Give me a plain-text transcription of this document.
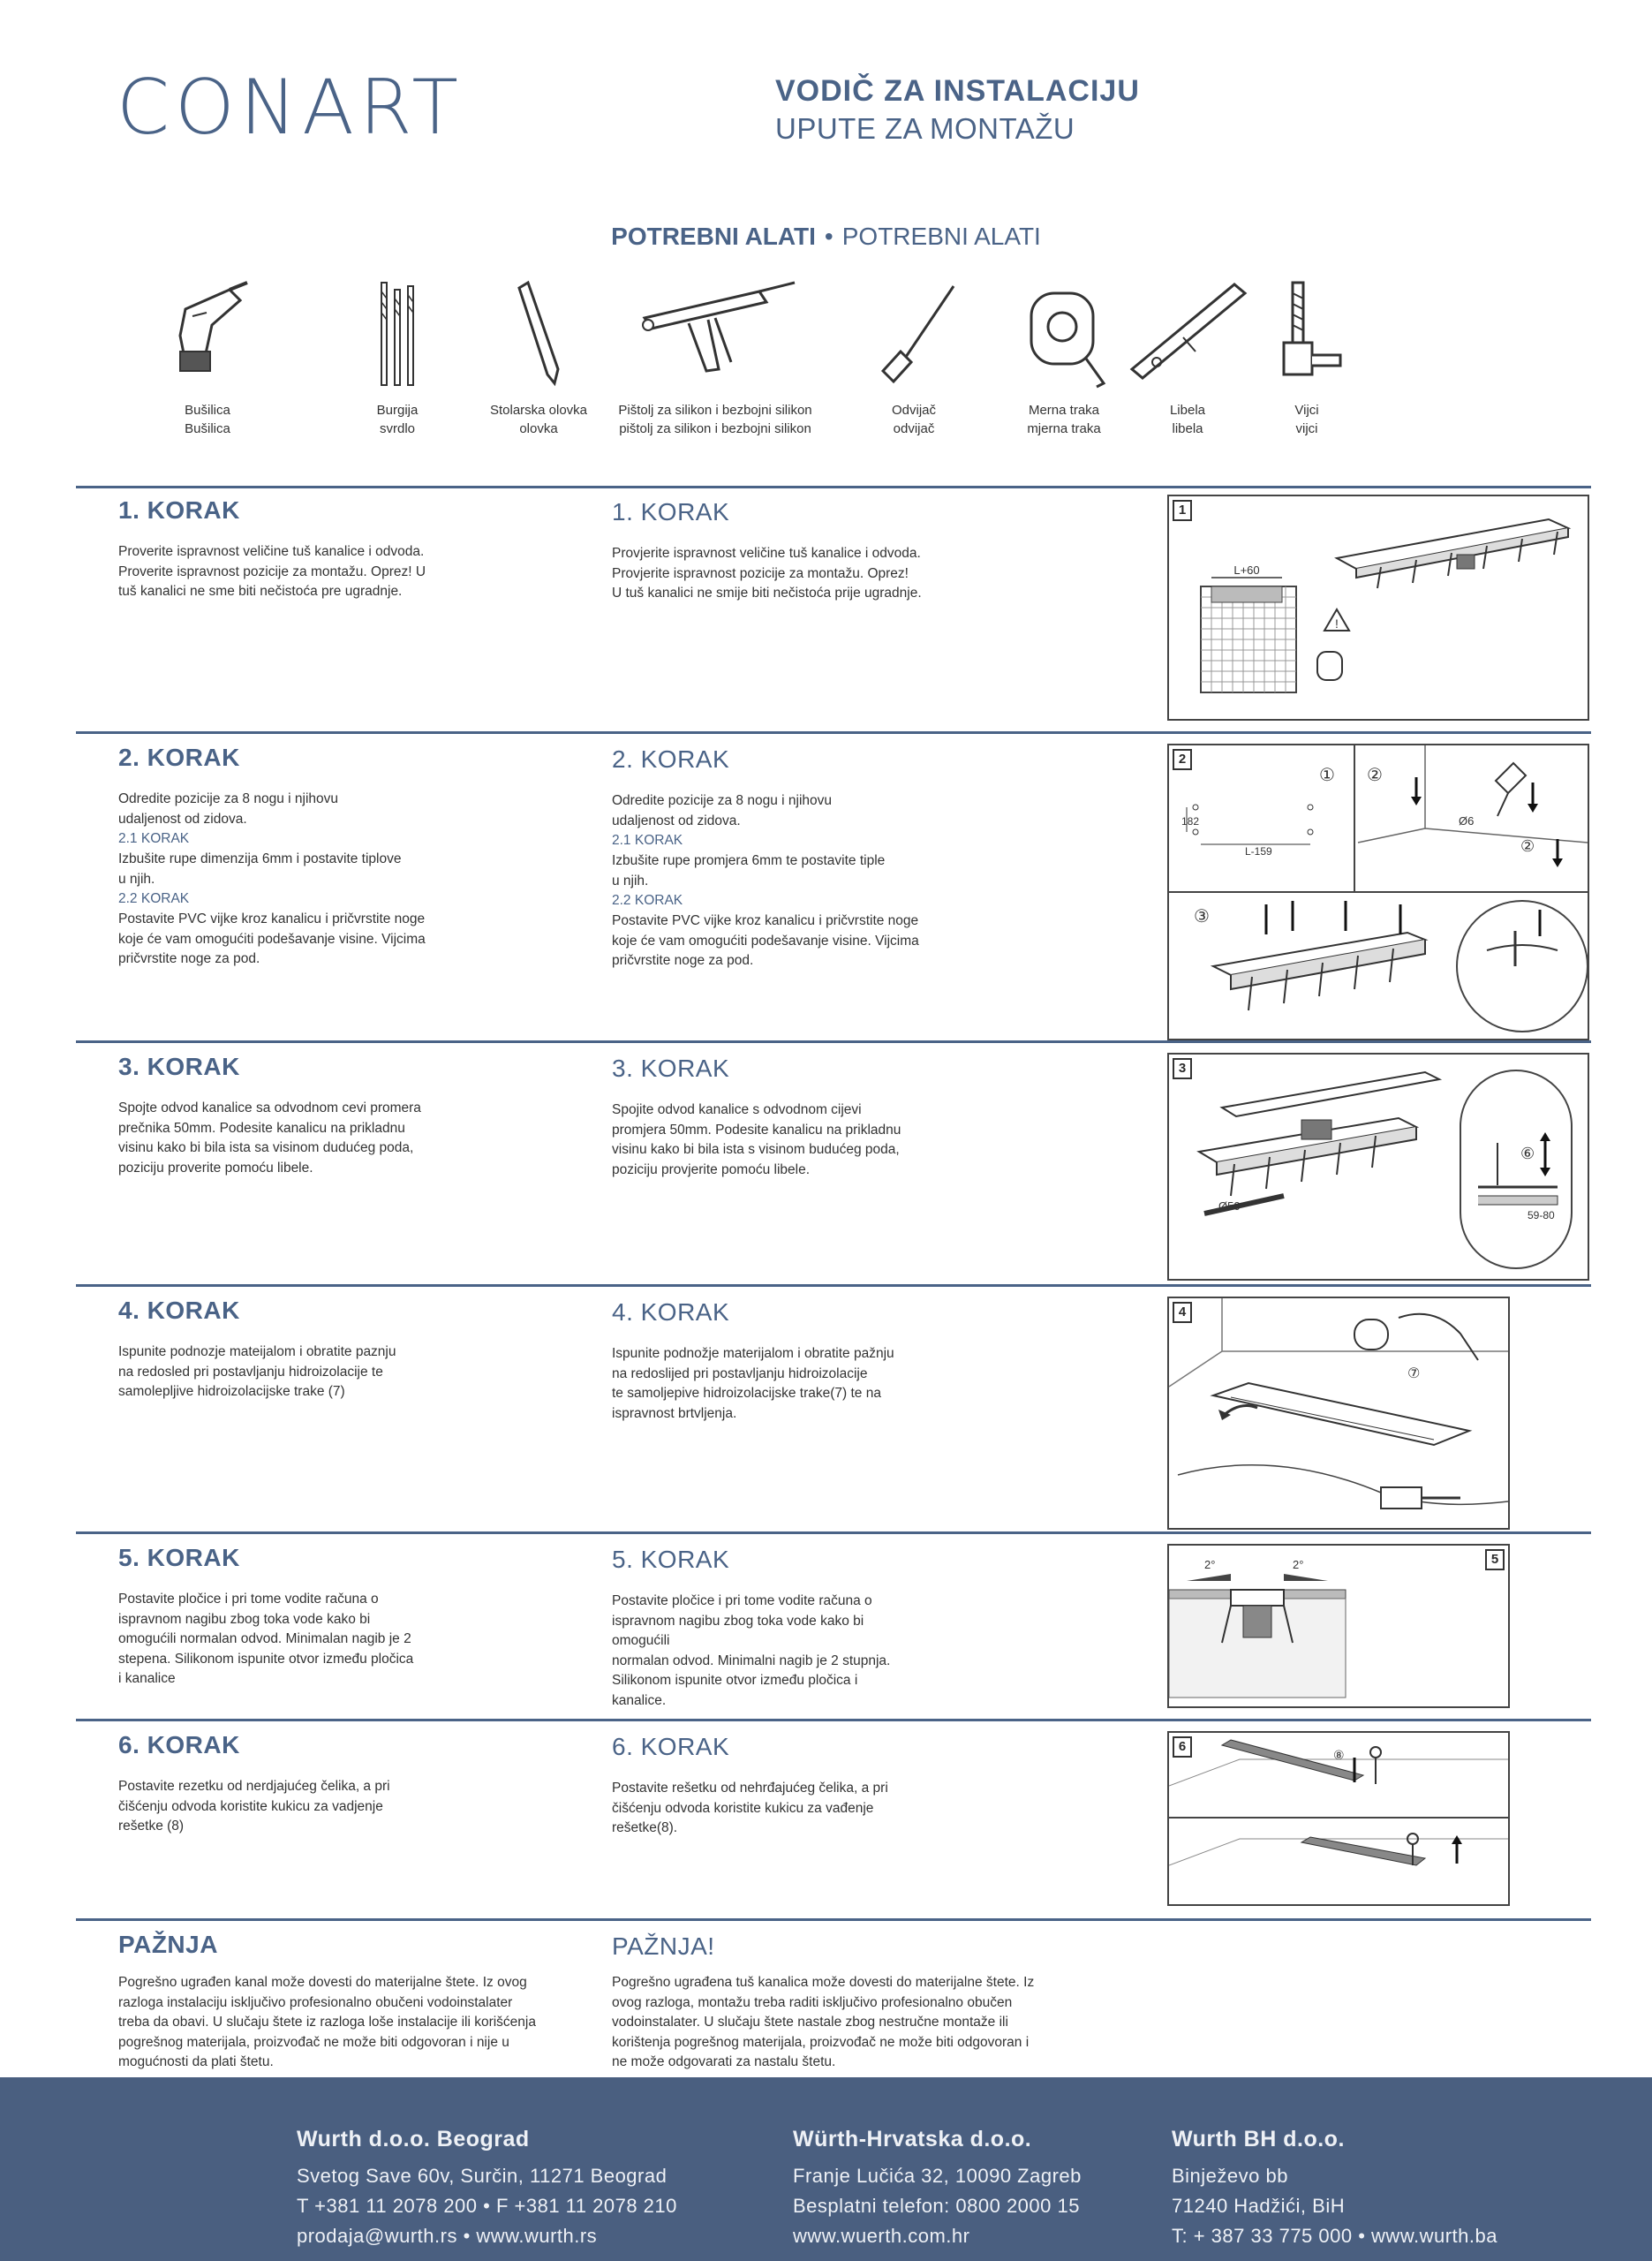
CONART	VODIČ ZA INSTALACIJU
UPUTE ZA MONTAŽU
POTREBNI ALATI • POTREBNI ALATI
Bušilica
Bušilica
Burgija
svrdlo
Stolarska olovka
olovka
Pištolj za silikon i bezbojni silikon
pištolj za silikon i bezbojni silikon
Odvijač
odvijač
Merna traka
mjerna traka
Libela
libela
Vijci
vijci
1. KORAK

Proverite ispravnost veličine tuš kanalice i odvoda.
Proverite ispravnost pozicije za montažu. Oprez! U
tuš kanalici ne sme biti nečistoća pre ugradnje.

1. KORAK

Provjerite ispravnost veličine tuš kanalice i odvoda.
Provjerite ispravnost pozicije za montažu. Oprez!
U tuš kanalici ne smije biti nečistoća prije ugradnje.

1
L+60
!
2. KORAK

Odredite pozicije za 8 nogu i njihovu
udaljenost od zidova.

2.1 KORAK

Izbušite rupe dimenzija 6mm i postavite tiplove
u njih.

2.2 KORAK

Postavite PVC vijke kroz kanalicu i pričvrstite noge
koje će vam omogućiti podešavanje visine. Vijcima
pričvrstite noge za pod.

2. KORAK

Odredite pozicije za 8 nogu i njihovu
udaljenost od zidova.

2.1 KORAK

Izbušite rupe promjera 6mm te postavite tiple
u njih.

2.2 KORAK

Postavite PVC vijke kroz kanalicu i pričvrstite noge
koje će vam omogućiti podešavanje visine. Vijcima
pričvrstite noge za pod.

2
①
182
L-159
②
Ø6
②
③
3. KORAK

Spojte odvod kanalice sa odvodnom cevi promera
prečnika 50mm. Podesite kanalicu na prikladnu
visinu kako bi bila ista sa visinom dudućeg poda,
poziciju proverite pomoću libele.

3. KORAK

Spojite odvod kanalice s odvodnom cijevi
promjera 50mm. Podesite kanalicu na prikladnu
visinu kako bi bila ista s visinom budućeg poda,
poziciju provjerite pomoću libele.

3
Ø50
⑥
59-80
4. KORAK

Ispunite podnozje mateijalom i obratite paznju
na redosled pri postavljanju hidroizolacije te
samolepljive hidroizolacijske trake (7)

4. KORAK

Ispunite podnožje materijalom i obratite pažnju
na redoslijed pri postavljanju hidroizolacije
te samoljepive hidroizolacijske trake(7) te na
ispravnost brtvljenja.

4
⑦
5. KORAK

Postavite pločice i pri tome vodite računa o
ispravnom nagibu zbog toka vode kako bi
omogućili normalan odvod. Minimalan nagib je 2
stepena. Silikonom ispunite otvor između pločica
i kanalice

5. KORAK

Postavite pločice i pri tome vodite računa o
ispravnom nagibu zbog toka vode kako bi
omogućili
normalan odvod. Minimalni nagib je 2 stupnja.
Silikonom ispunite otvor između pločica i
kanalice.

5
2°	2°
6. KORAK

Postavite rezetku od nerdjajućeg čelika, a pri
čišćenju odvoda koristite kukicu za vadjenje
rešetke (8)

6. KORAK

Postavite rešetku od nehrđajućeg čelika, a pri
čišćenju odvoda koristite kukicu za vađenje
rešetke(8).

6
⑧
PAŽNJA

Pogrešno ugrađen kanal može dovesti do materijalne štete. Iz ovog
razloga instalaciju isključivo profesionalno obučeni vodoinstalater
treba da obavi. U slučaju štete iz razloga loše instalacije ili korišćenja
pogrešnog materijala, proizvođač ne može biti odgovoran i nije u
mogućnosti da plati štetu.

PAŽNJA!

Pogrešno ugrađena tuš kanalica može dovesti do materijalne štete. Iz
ovog razloga, montažu treba raditi isključivo profesionalno obučen
vodoinstalater. U slučaju štete nastale zbog nestručne montaže ili
korištenja pogrešnog materijala, proizvođač ne može biti odgovoran i
ne može odgovarati za nastalu štetu.

Wurth d.o.o. Beograd
Svetog Save 60v, Surčin, 11271 Beograd
T +381 11 2078 200 • F +381 11 2078 210
prodaja@wurth.rs • www.wurth.rs
Würth-Hrvatska d.o.o.
Franje Lučića 32, 10090 Zagreb
Besplatni telefon: 0800 2000 15
www.wuerth.com.hr
Wurth BH d.o.o.
Binježevo bb
71240 Hadžići, BiH
T: + 387 33 775 000 • www.wurth.ba
